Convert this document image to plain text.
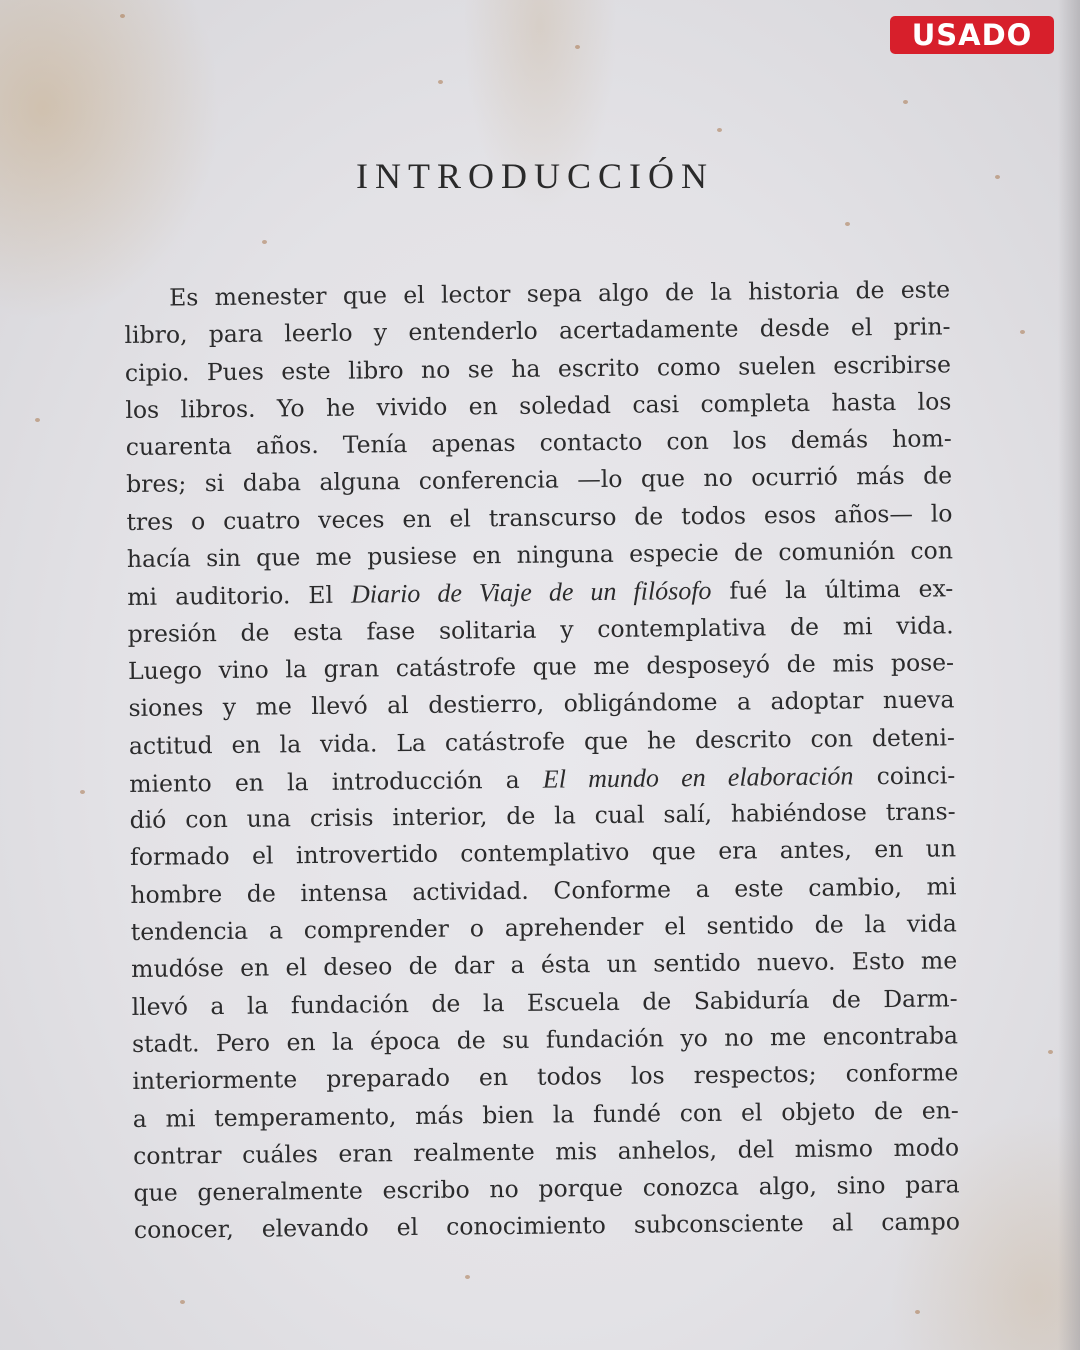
USADO
INTRODUCCIÓN
Es menester que el lector sepa algo de la historia de este
libro, para leerlo y entenderlo acertadamente desde el prin-
cipio. Pues este libro no se ha escrito como suelen escribirse
los libros. Yo he vivido en soledad casi completa hasta los
cuarenta años. Tenía apenas contacto con los demás hom-
bres; si daba alguna conferencia —lo que no ocurrió más de
tres o cuatro veces en el transcurso de todos esos años— lo
hacía sin que me pusiese en ninguna especie de comunión con
mi auditorio. El Diario de Viaje de un filósofo fué la última ex-
presión de esta fase solitaria y contemplativa de mi vida.
Luego vino la gran catástrofe que me desposeyó de mis pose-
siones y me llevó al destierro, obligándome a adoptar nueva
actitud en la vida. La catástrofe que he descrito con deteni-
miento en la introducción a El mundo en elaboración coinci-
dió con una crisis interior, de la cual salí, habiéndose trans-
formado el introvertido contemplativo que era antes, en un
hombre de intensa actividad. Conforme a este cambio, mi
tendencia a comprender o aprehender el sentido de la vida
mudóse en el deseo de dar a ésta un sentido nuevo. Esto me
llevó a la fundación de la Escuela de Sabiduría de Darm-
stadt. Pero en la época de su fundación yo no me encontraba
interiormente preparado en todos los respectos; conforme
a mi temperamento, más bien la fundé con el objeto de en-
contrar cuáles eran realmente mis anhelos, del mismo modo
que generalmente escribo no porque conozca algo, sino para
conocer, elevando el conocimiento subconsciente al campo
